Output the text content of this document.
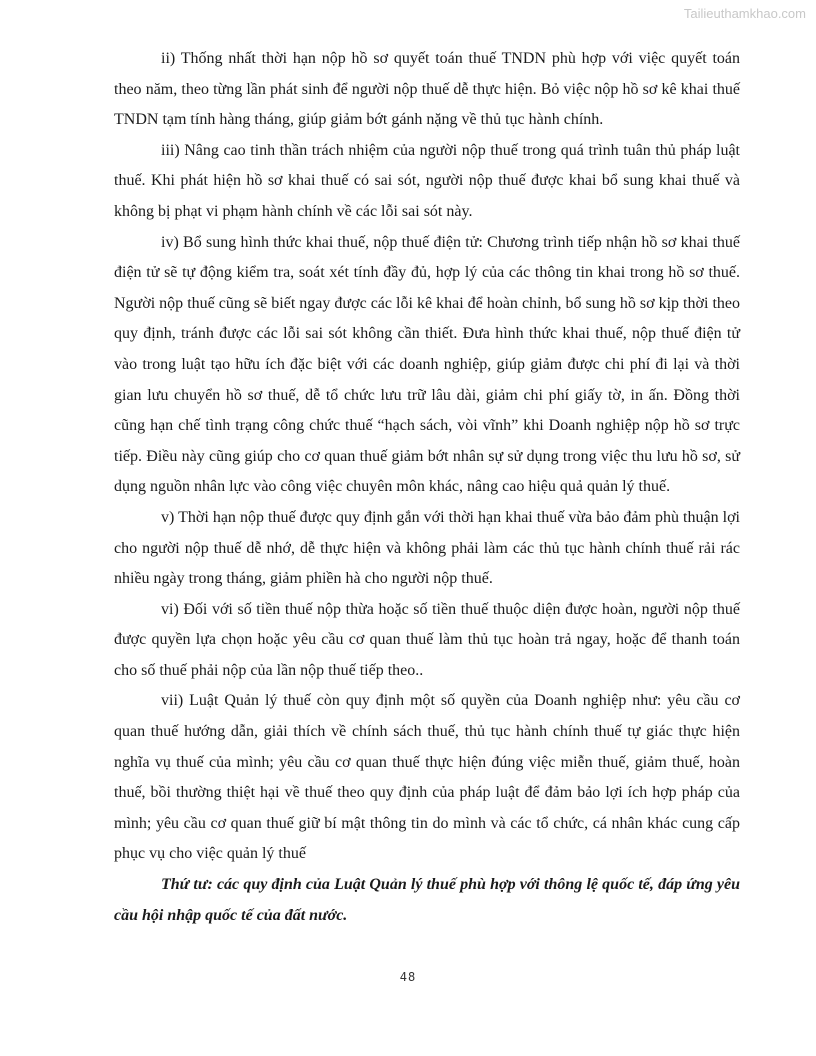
Tailieuthamkhao.com

ii) Thống nhất thời hạn nộp hồ sơ quyết toán thuế TNDN phù hợp với việc quyết toán theo năm, theo từng lần phát sinh để người nộp thuế dễ thực hiện. Bỏ việc nộp hồ sơ kê khai thuế TNDN tạm tính hàng tháng, giúp giảm bớt gánh nặng về thủ tục hành chính.

iii) Nâng cao tinh thần trách nhiệm của người nộp thuế trong quá trình tuân thủ pháp luật thuế. Khi phát hiện hồ sơ khai thuế có sai sót, người nộp thuế được khai bổ sung khai thuế và không bị phạt vi phạm hành chính về các lỗi sai sót này.

iv) Bổ sung hình thức khai thuế, nộp thuế điện tử: Chương trình tiếp nhận hồ sơ khai thuế điện tử sẽ tự động kiểm tra, soát xét tính đầy đủ, hợp lý của các thông tin khai trong hồ sơ thuế. Người nộp thuế cũng sẽ biết ngay được các lỗi kê khai để hoàn chỉnh, bổ sung hồ sơ kịp thời theo quy định, tránh được các lỗi sai sót không cần thiết. Đưa hình thức khai thuế, nộp thuế điện tử vào trong luật tạo hữu ích đặc biệt với các doanh nghiệp, giúp giảm được chi phí đi lại và thời gian lưu chuyển hồ sơ thuế, dễ tổ chức lưu trữ lâu dài, giảm chi phí giấy tờ, in ấn. Đồng thời cũng hạn chế tình trạng công chức thuế “hạch sách, vòi vĩnh” khi Doanh nghiệp nộp hồ sơ trực tiếp. Điều này cũng giúp cho cơ quan thuế giảm bớt nhân sự sử dụng trong việc thu lưu hồ sơ, sử dụng nguồn nhân lực vào công việc chuyên môn khác, nâng cao hiệu quả quản lý thuế.

v) Thời hạn nộp thuế được quy định gắn với thời hạn khai thuế vừa bảo đảm phù thuận lợi cho người nộp thuế dễ nhớ, dễ thực hiện và không phải làm các thủ tục hành chính thuế rải rác nhiều ngày trong tháng, giảm phiền hà cho người nộp thuế.

vi) Đối với số tiền thuế nộp thừa hoặc số tiền thuế thuộc diện được hoàn, người nộp thuế được quyền lựa chọn hoặc yêu cầu cơ quan thuế làm thủ tục hoàn trả ngay, hoặc để thanh toán cho số thuế phải nộp của lần nộp thuế tiếp theo..

vii) Luật Quản lý thuế còn quy định một số quyền của Doanh nghiệp như: yêu cầu cơ quan thuế hướng dẫn, giải thích về chính sách thuế, thủ tục hành chính thuế tự giác thực hiện nghĩa vụ thuế của mình; yêu cầu cơ quan thuế thực hiện đúng việc miễn thuế, giảm thuế, hoàn thuế, bồi thường thiệt hại về thuế theo quy định của pháp luật để đảm bảo lợi ích hợp pháp của mình; yêu cầu cơ quan thuế giữ bí mật thông tin do mình và các tổ chức, cá nhân khác cung cấp phục vụ cho việc quản lý thuế

Thứ tư: các quy định của Luật Quản lý thuế phù hợp với thông lệ quốc tế, đáp ứng yêu cầu hội nhập quốc tế của đất nước.

48
